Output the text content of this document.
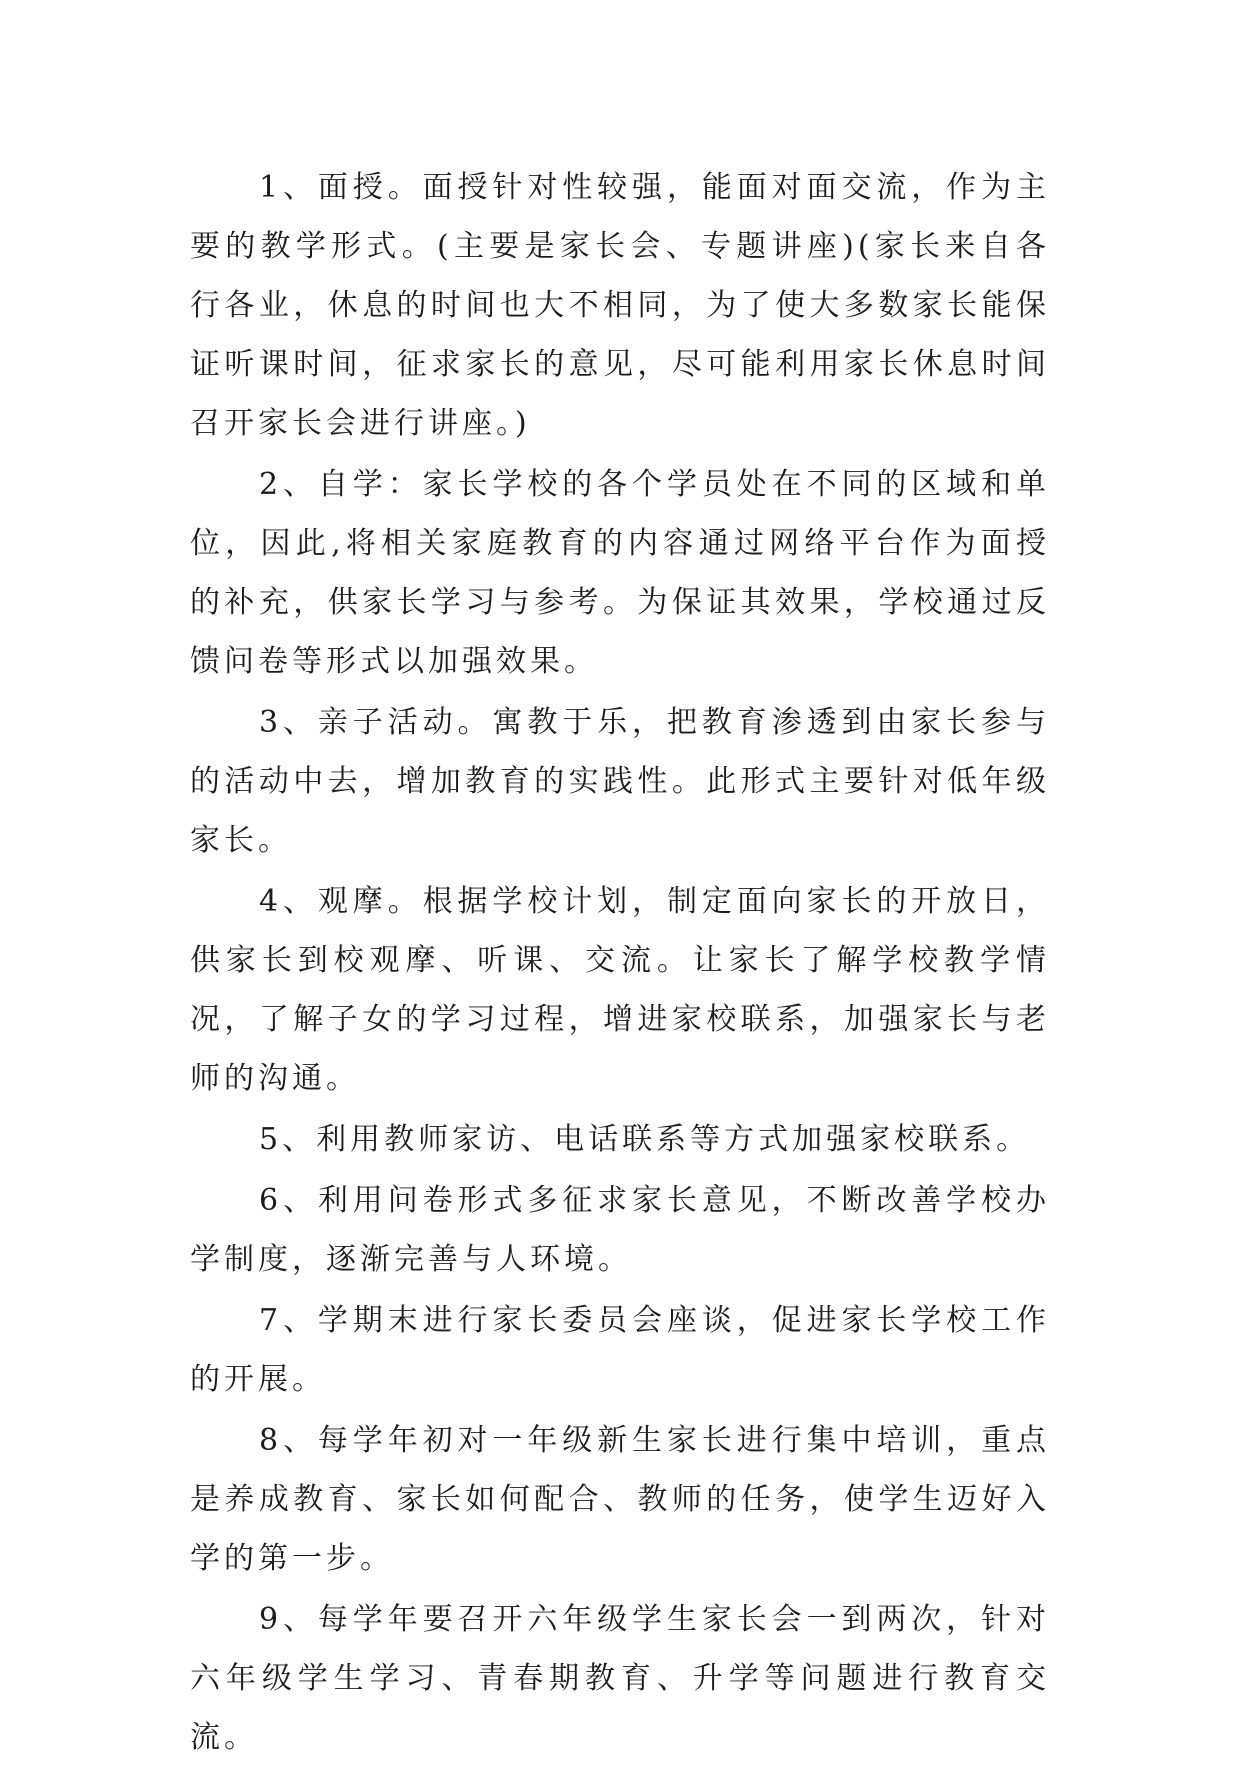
1、面授。面授针对性较强，能面对面交流，作为主要的教学形式。(主要是家长会、专题讲座)(家长来自各行各业，休息的时间也大不相同，为了使大多数家长能保证听课时间，征求家长的意见，尽可能利用家长休息时间召开家长会进行讲座。)

2、自学：家长学校的各个学员处在不同的区域和单位，因此,将相关家庭教育的内容通过网络平台作为面授的补充，供家长学习与参考。为保证其效果，学校通过反馈问卷等形式以加强效果。

3、亲子活动。寓教于乐，把教育渗透到由家长参与的活动中去，增加教育的实践性。此形式主要针对低年级家长。

4、观摩。根据学校计划，制定面向家长的开放日，供家长到校观摩、听课、交流。让家长了解学校教学情况，了解子女的学习过程，增进家校联系，加强家长与老师的沟通。

5、利用教师家访、电话联系等方式加强家校联系。

6、利用问卷形式多征求家长意见，不断改善学校办学制度，逐渐完善与人环境。

7、学期末进行家长委员会座谈，促进家长学校工作的开展。

8、每学年初对一年级新生家长进行集中培训，重点是养成教育、家长如何配合、教师的任务，使学生迈好入学的第一步。

9、每学年要召开六年级学生家长会一到两次，针对六年级学生学习、青春期教育、升学等问题进行教育交流。
